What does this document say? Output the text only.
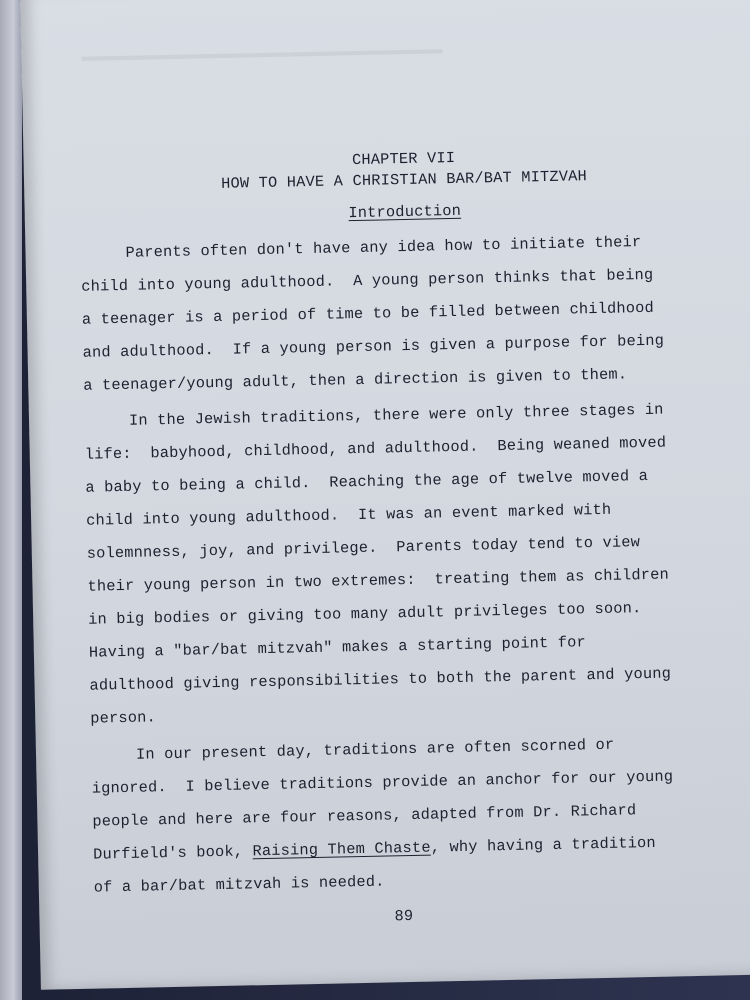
▬▬▬▬▬▬▬▬▬▬▬▬▬▬▬▬▬▬▬▬▬▬▬▬▬▬▬▬▬▬▬▬▬▬▬▬▬▬▬▬
CHAPTER VII
HOW TO HAVE A CHRISTIAN BAR/BAT MITZVAH
Introduction
Parents often don't have any idea how to initiate their
child into young adulthood.  A young person thinks that being
a teenager is a period of time to be filled between childhood
and adulthood.  If a young person is given a purpose for being
a teenager/young adult, then a direction is given to them.
In the Jewish traditions, there were only three stages in
life:  babyhood, childhood, and adulthood.  Being weaned moved
a baby to being a child.  Reaching the age of twelve moved a
child into young adulthood.  It was an event marked with
solemnness, joy, and privilege.  Parents today tend to view
their young person in two extremes:  treating them as children
in big bodies or giving too many adult privileges too soon.
Having a "bar/bat mitzvah" makes a starting point for
adulthood giving responsibilities to both the parent and young
person.
In our present day, traditions are often scorned or
ignored.  I believe traditions provide an anchor for our young
people and here are four reasons, adapted from Dr. Richard
Durfield's book, Raising Them Chaste, why having a tradition
of a bar/bat mitzvah is needed.
89
